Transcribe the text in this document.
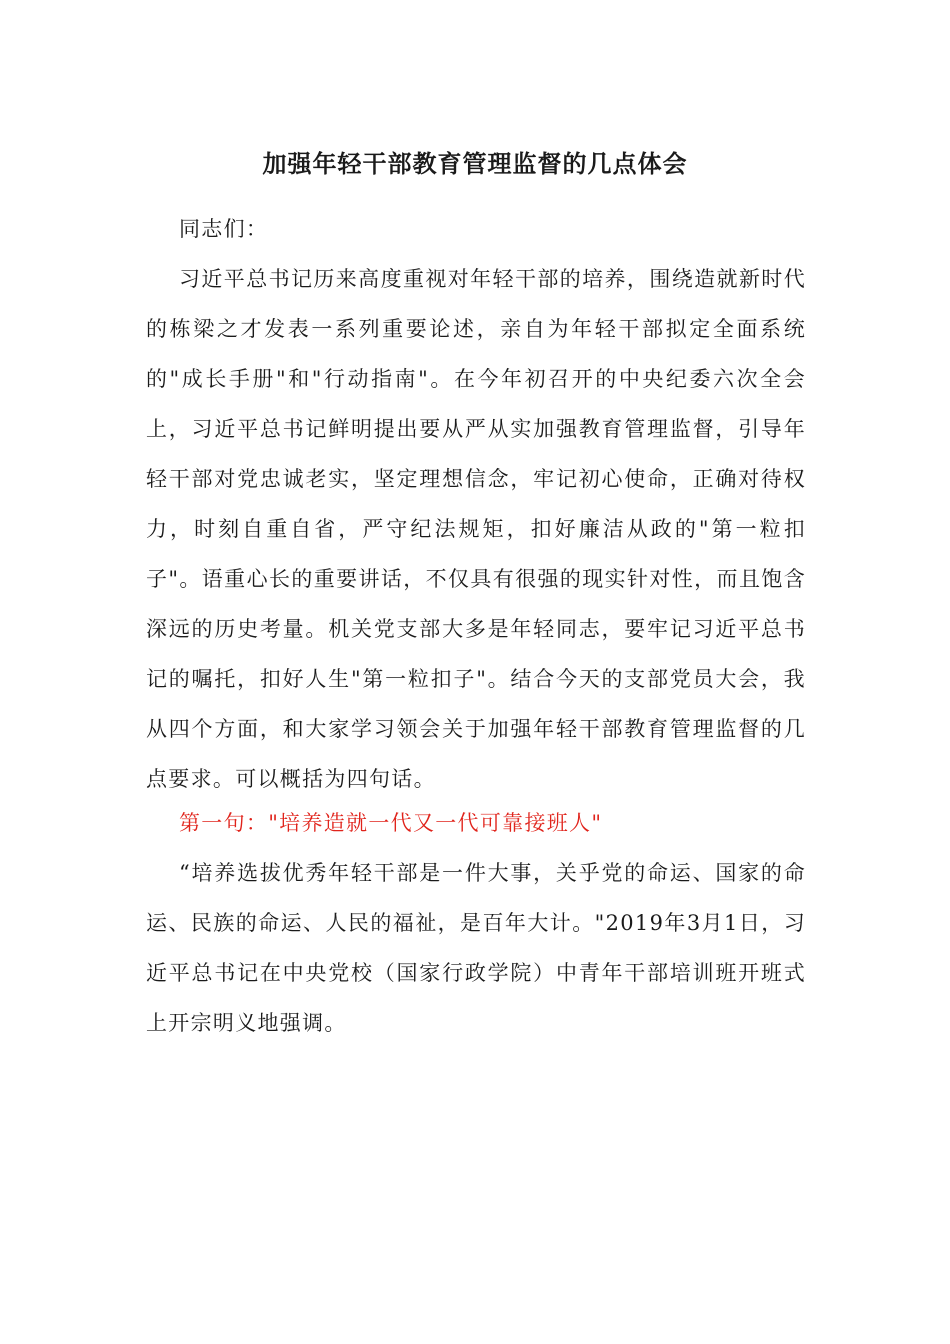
加强年轻干部教育管理监督的几点体会

同志们：

习近平总书记历来高度重视对年轻干部的培养，围绕造就新时代的栋梁之才发表一系列重要论述，亲自为年轻干部拟定全面系统的"成长手册"和"行动指南"。在今年初召开的中央纪委六次全会上，习近平总书记鲜明提出要从严从实加强教育管理监督，引导年轻干部对党忠诚老实，坚定理想信念，牢记初心使命，正确对待权力，时刻自重自省，严守纪法规矩，扣好廉洁从政的"第一粒扣子"。语重心长的重要讲话，不仅具有很强的现实针对性，而且饱含深远的历史考量。机关党支部大多是年轻同志，要牢记习近平总书记的嘱托，扣好人生"第一粒扣子"。结合今天的支部党员大会，我从四个方面，和大家学习领会关于加强年轻干部教育管理监督的几点要求。可以概括为四句话。

第一句："培养造就一代又一代可靠接班人"

“培养选拔优秀年轻干部是一件大事，关乎党的命运、国家的命运、民族的命运、人民的福祉，是百年大计。"2019年3月1日，习近平总书记在中央党校（国家行政学院）中青年干部培训班开班式上开宗明义地强调。
